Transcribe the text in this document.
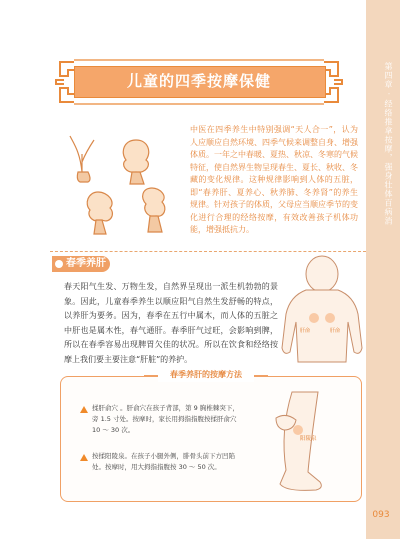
第四章 · 经络推拿按摩，强身壮体百病消
093
儿童的四季按摩保健
中医在四季养生中特别强调“天人合一”，认为人应顺应自然环境、四季气候来调整自身、增强体质。一年之中春暖、夏热、秋凉、冬寒的气候特征，使自然界生物呈现春生、夏长、秋收、冬藏的变化规律。这种规律影响到人体的五脏，即“春养肝、夏养心、秋养肺、冬养肾”的养生规律。针对孩子的体质，父母应当顺应季节的变化进行合理的经络按摩，有效改善孩子机体功能，增强抵抗力。
春季养肝
春天阳气生发、万物生发，自然界呈现出一派生机勃勃的景象。因此，儿童春季养生以顺应阳气自然生发舒畅的特点，以养肝为要务。因为，春季在五行中属木，而人体的五脏之中肝也是属木性，春气通肝。春季肝气过旺，会影响到脾，所以在春季容易出现脾胃欠佳的状况。所以在饮食和经络按摩上我们要主要注意“肝脏”的养护。
肝俞	肝俞
春季养肝的按摩方法
揉肝俞穴 。肝俞穴在孩子背部，第 9 胸椎棘突下，旁 1.5 寸处。按摩时，家长用拇指指腹按揉肝俞穴 10 ～ 30 次。
按揉阳陵泉。在孩子小腿外侧，腓骨头前下方凹陷处。按摩时，用大拇指指腹按 30 ～ 50 次。
阳陵泉
